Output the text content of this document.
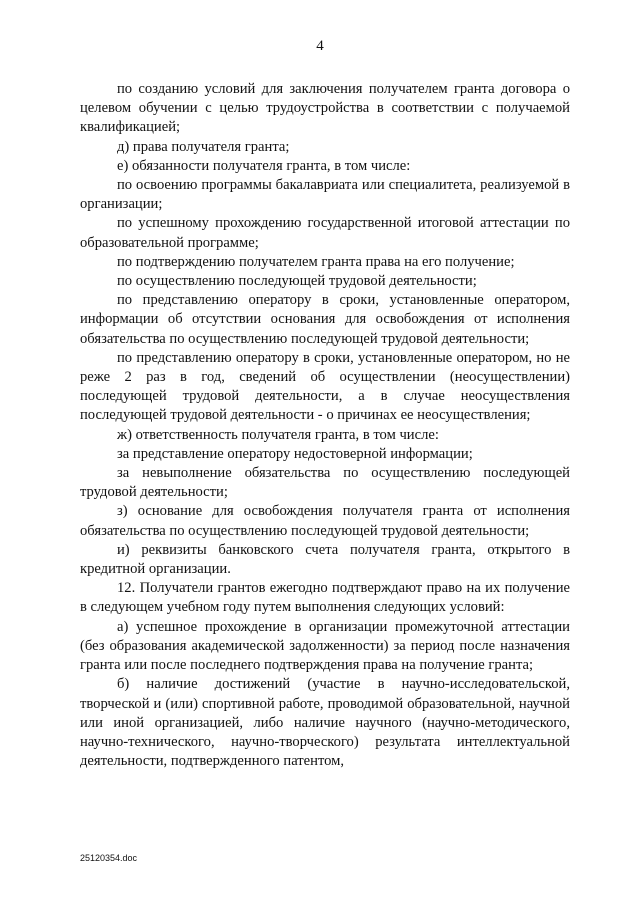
4

по созданию условий для заключения получателем гранта договора о целевом обучении с целью трудоустройства в соответствии с получаемой квалификацией;

д) права получателя гранта;

е) обязанности получателя гранта, в том числе:

по освоению программы бакалавриата или специалитета, реализуемой в организации;

по успешному прохождению государственной итоговой аттестации по образовательной программе;

по подтверждению получателем гранта права на его получение;

по осуществлению последующей трудовой деятельности;

по представлению оператору в сроки, установленные оператором, информации об отсутствии основания для освобождения от исполнения обязательства по осуществлению последующей трудовой деятельности;

по представлению оператору в сроки, установленные оператором, но не реже 2 раз в год, сведений об осуществлении (неосуществлении) последующей трудовой деятельности, а в случае неосуществления последующей трудовой деятельности - о причинах ее неосуществления;

ж) ответственность получателя гранта, в том числе:

за представление оператору недостоверной информации;

за невыполнение обязательства по осуществлению последующей трудовой деятельности;

з) основание для освобождения получателя гранта от исполнения обязательства по осуществлению последующей трудовой деятельности;

и) реквизиты банковского счета получателя гранта, открытого в кредитной организации.

12. Получатели грантов ежегодно подтверждают право на их получение в следующем учебном году путем выполнения следующих условий:

а) успешное прохождение в организации промежуточной аттестации (без образования академической задолженности) за период после назначения гранта или после последнего подтверждения права на получение гранта;

б) наличие достижений (участие в научно-исследовательской, творческой и (или) спортивной работе, проводимой образовательной, научной или иной организацией, либо наличие научного (научно-методического, научно-технического, научно-творческого) результата интеллектуальной деятельности, подтвержденного патентом,

25120354.doc
